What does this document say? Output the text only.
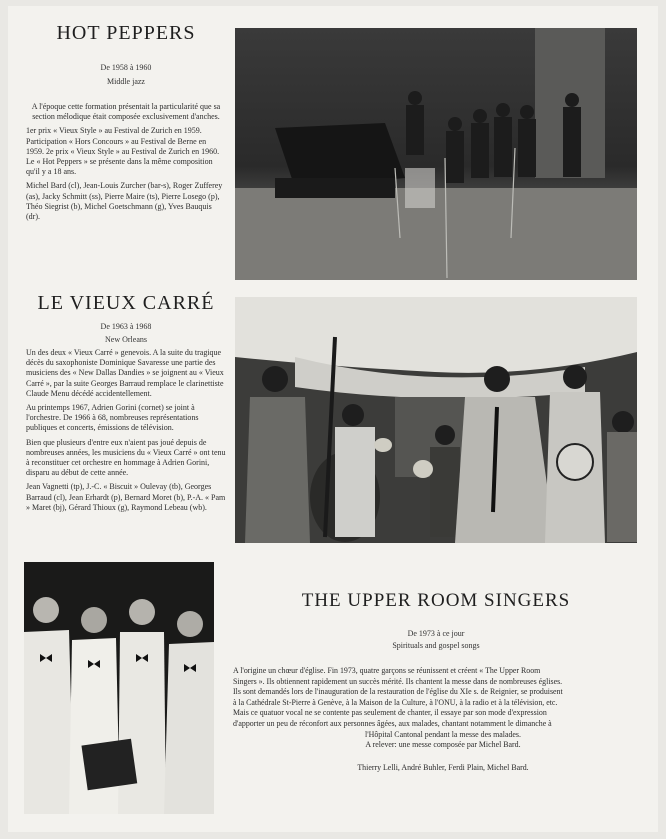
HOT PEPPERS
De 1958 à 1960
Middle jazz

A l'époque cette formation présentait la particularité que sa section mélodique était composée exclusivement d'anches.

1er prix « Vieux Style » au Festival de Zurich en 1959. Participation « Hors Concours » au Festival de Berne en 1959. 2e prix « Vieux Style » au Festival de Zurich en 1960. Le « Hot Peppers » se présente dans la même composition qu'il y a 18 ans.

Michel Bard (cl), Jean-Louis Zurcher (bar-s), Roger Zufferey (as), Jacky Schmitt (ss), Pierre Maire (ts), Pierre Losego (p), Théo Siegrist (b), Michel Goetschmann (g), Yves Bauquis (dr).

LE VIEUX CARRÉ
De 1963 à 1968
New Orleans

Un des deux « Vieux Carré » genevois. A la suite du tragique décès du saxophoniste Dominique Savaresse une partie des musiciens des « New Dallas Dandies » se joignent au « Vieux Carré », par la suite Georges Barraud remplace le clarinettiste Claude Menu décédé accidentellement.

Au printemps 1967, Adrien Gorini (cornet) se joint à l'orchestre. De 1966 à 68, nombreuses représentations publiques et concerts, émissions de télévision.

Bien que plusieurs d'entre eux n'aient pas joué depuis de nombreuses années, les musiciens du « Vieux Carré » ont tenu à reconstituer cet orchestre en hommage à Adrien Gorini, disparu au début de cette année.

Jean Vagnetti (tp), J.-C. « Biscuit » Oulevay (tb), Georges Barraud (cl), Jean Erhardt (p), Bernard Moret (b), P.-A. « Pam » Maret (bj), Gérard Thioux (g), Raymond Lebeau (wb).

THE UPPER ROOM SINGERS
De 1973 à ce jour
Spirituals and gospel songs
A l'origine un chœur d'église. Fin 1973, quatre garçons se réunissent et créent « The Upper Room
Singers ». Ils obtiennent rapidement un succès mérité. Ils chantent la messe dans de nombreuses églises.
Ils sont demandés lors de l'inauguration de la restauration de l'église du XIe s. de Reignier, se produisent
à la Cathédrale St-Pierre à Genève, à la Maison de la Culture, à l'ONU, à la radio et à la télévision, etc.
Mais ce quatuor vocal ne se contente pas seulement de chanter, il essaye par son mode d'expression
d'apporter un peu de réconfort aux personnes âgées, aux malades, chantant notamment le dimanche à
l'Hôpital Cantonal pendant la messe des malades.
A relever: une messe composée par Michel Bard.
Thierry Lelli, André Buhler, Ferdi Plain, Michel Bard.
